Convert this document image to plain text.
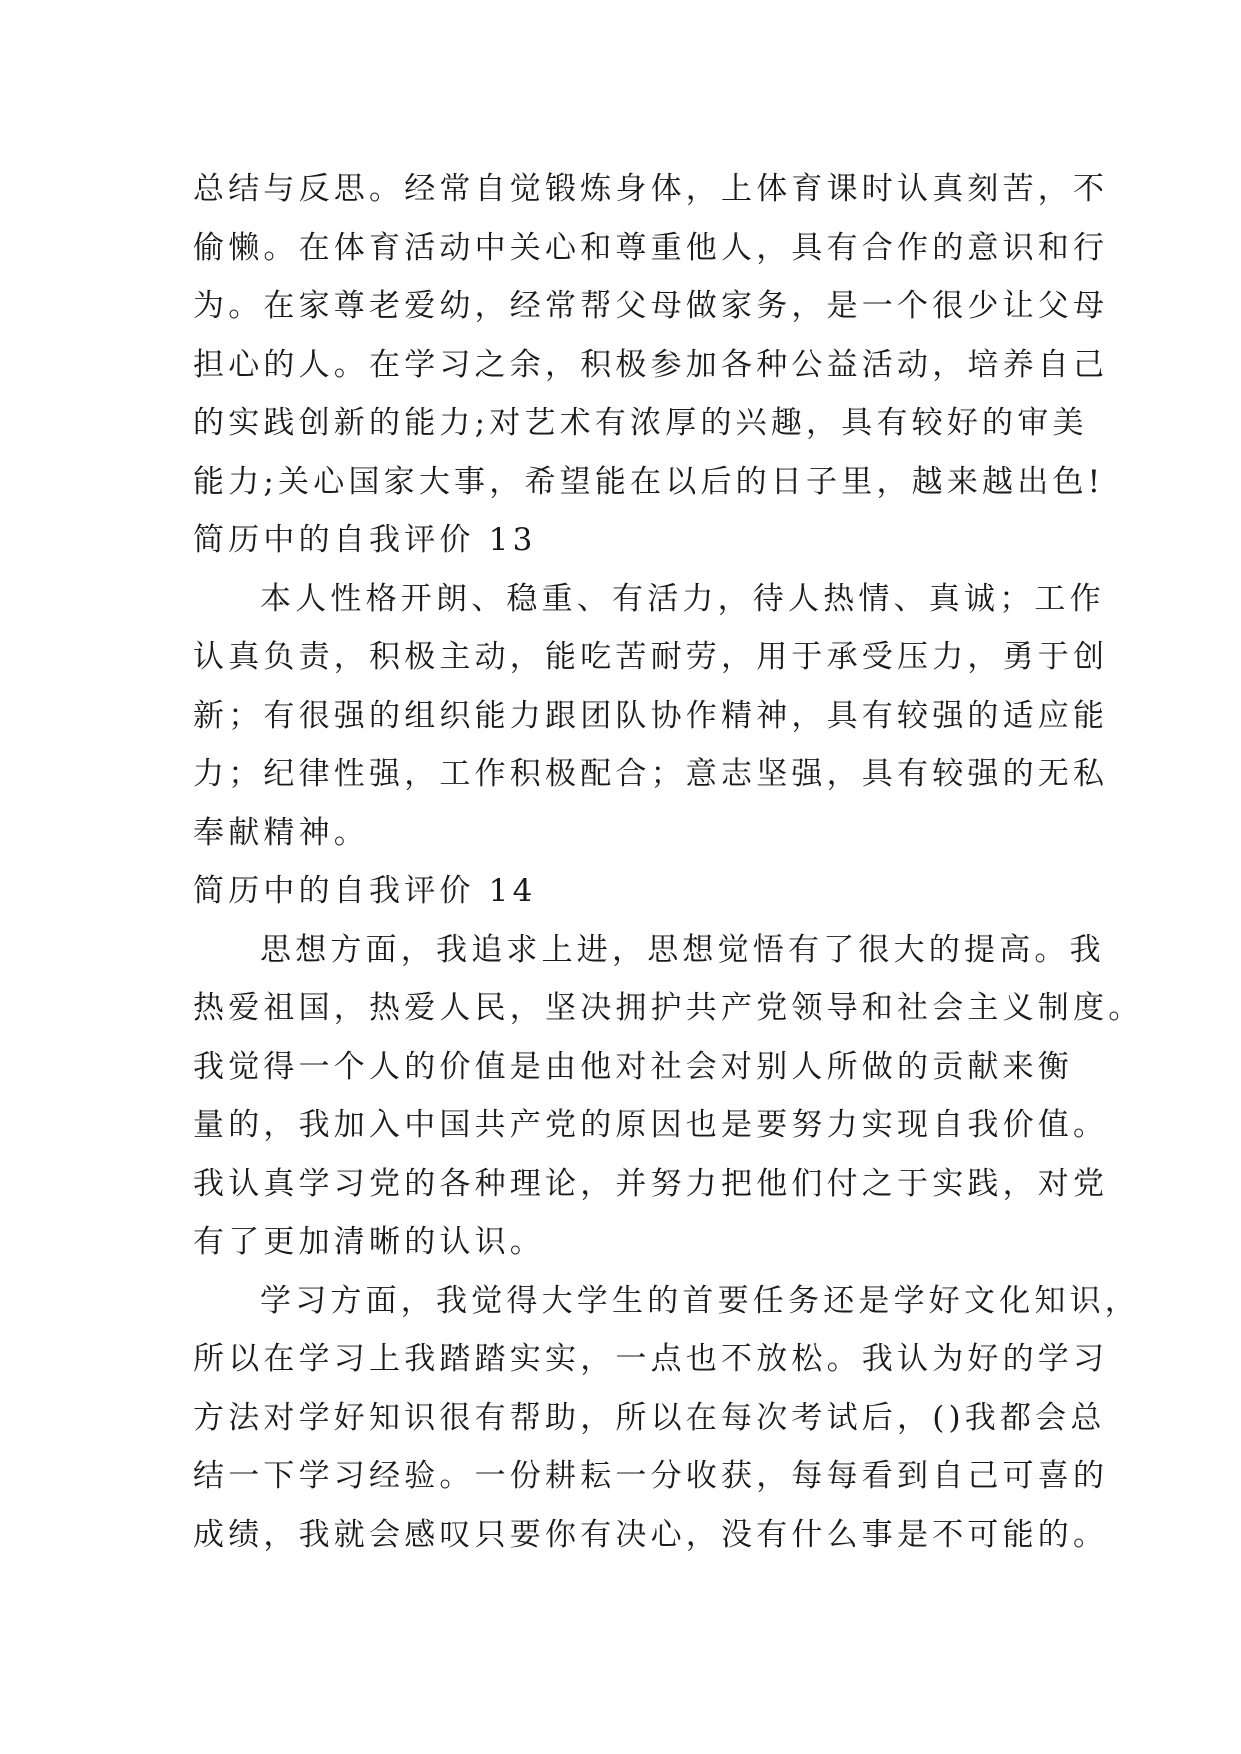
总结与反思。经常自觉锻炼身体，上体育课时认真刻苦，不
偷懒。在体育活动中关心和尊重他人，具有合作的意识和行
为。在家尊老爱幼，经常帮父母做家务，是一个很少让父母
担心的人。在学习之余，积极参加各种公益活动，培养自己
的实践创新的能力;对艺术有浓厚的兴趣，具有较好的审美
能力;关心国家大事，希望能在以后的日子里，越来越出色!
简历中的自我评价 13
本人性格开朗、稳重、有活力，待人热情、真诚；工作
认真负责，积极主动，能吃苦耐劳，用于承受压力，勇于创
新；有很强的组织能力跟团队协作精神，具有较强的适应能
力；纪律性强，工作积极配合；意志坚强，具有较强的无私
奉献精神。
简历中的自我评价 14
思想方面，我追求上进，思想觉悟有了很大的提高。我
热爱祖国，热爱人民，坚决拥护共产党领导和社会主义制度。
我觉得一个人的价值是由他对社会对别人所做的贡献来衡
量的，我加入中国共产党的原因也是要努力实现自我价值。
我认真学习党的各种理论，并努力把他们付之于实践，对党
有了更加清晰的认识。
学习方面，我觉得大学生的首要任务还是学好文化知识，
所以在学习上我踏踏实实，一点也不放松。我认为好的学习
方法对学好知识很有帮助，所以在每次考试后，()我都会总
结一下学习经验。一份耕耘一分收获，每每看到自己可喜的
成绩，我就会感叹只要你有决心，没有什么事是不可能的。
